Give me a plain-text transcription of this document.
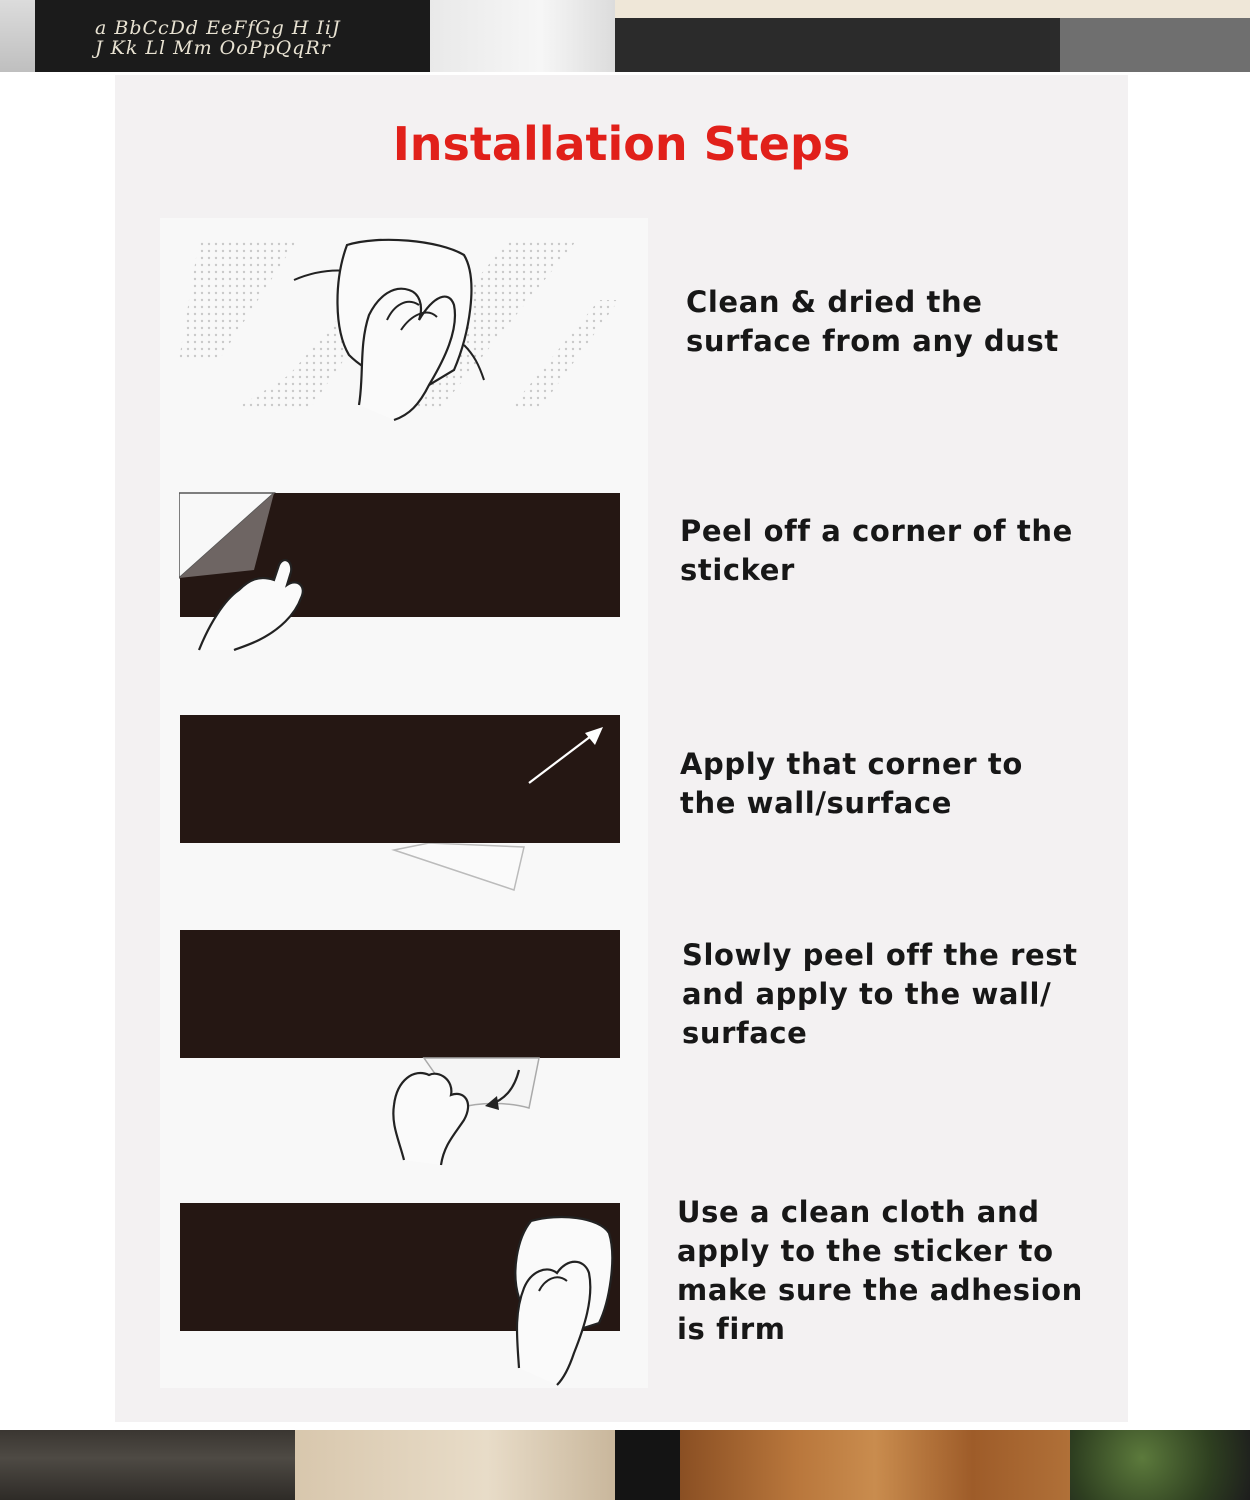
a BbCcDd EeFfGg H IiJ
J Kk Ll Mm OoPpQqRr
Installation Steps
Clean & dried the
surface from any dust
Peel off a corner of the
sticker
Apply that corner to
the wall/surface
Slowly peel off the rest
and apply to the wall/
surface
Use a clean cloth and
apply to the sticker to
make sure the adhesion
is firm
